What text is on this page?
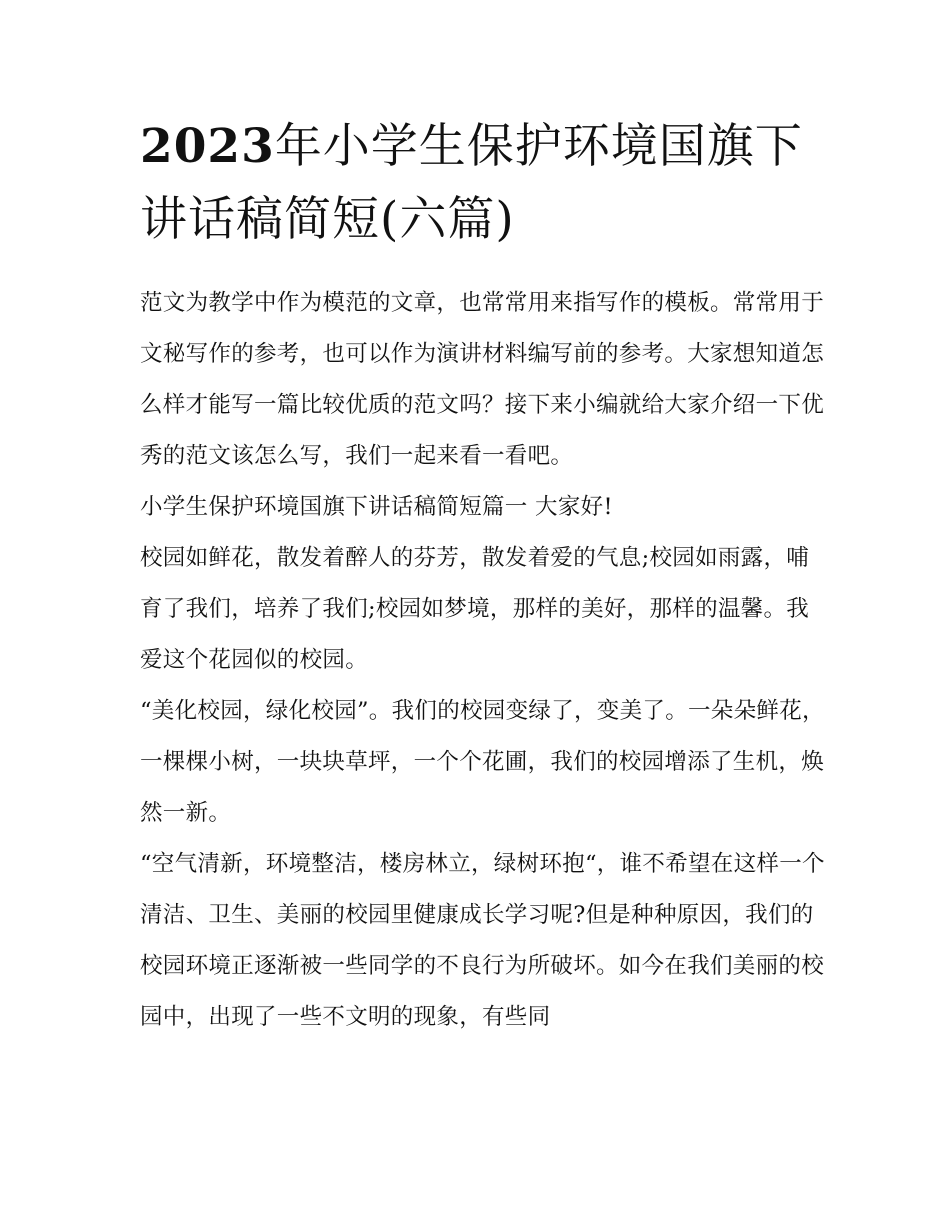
2023年小学生保护环境国旗下讲话稿简短(六篇)

范文为教学中作为模范的文章，也常常用来指写作的模板。常常用于文秘写作的参考，也可以作为演讲材料编写前的参考。大家想知道怎么样才能写一篇比较优质的范文吗？接下来小编就给大家介绍一下优秀的范文该怎么写，我们一起来看一看吧。

小学生保护环境国旗下讲话稿简短篇一 大家好!

校园如鲜花，散发着醉人的芬芳，散发着爱的气息;校园如雨露，哺育了我们，培养了我们;校园如梦境，那样的美好，那样的温馨。我爱这个花园似的校园。

“美化校园，绿化校园”。我们的校园变绿了，变美了。一朵朵鲜花，一棵棵小树，一块块草坪，一个个花圃，我们的校园增添了生机，焕然一新。

“空气清新，环境整洁，楼房林立，绿树环抱“，谁不希望在这样一个清洁、卫生、美丽的校园里健康成长学习呢?但是种种原因，我们的校园环境正逐渐被一些同学的不良行为所破坏。如今在我们美丽的校园中，出现了一些不文明的现象，有些同
